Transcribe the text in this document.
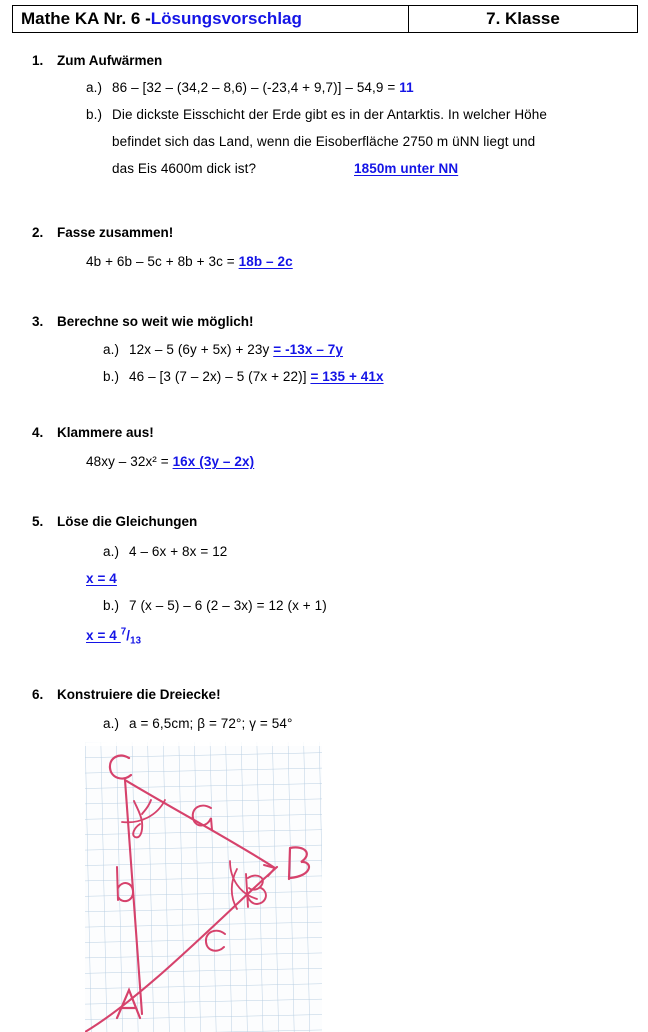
Mathe KA Nr. 6 - Lösungsvorschlag	7. Klasse
1. Zum Aufwärmen
a.) 86 – [32 – (34,2 – 8,6) – (-23,4 + 9,7)] – 54,9 = 11
b.) Die dickste Eisschicht der Erde gibt es in der Antarktis. In welcher Höhe
befindet sich das Land, wenn die Eisoberfläche 2750 m üNN liegt und
das Eis 4600m dick ist?	1850m unter NN
2. Fasse zusammen!
4b + 6b – 5c + 8b + 3c = 18b – 2c
3. Berechne so weit wie möglich!
a.) 12x – 5 (6y + 5x) + 23y = -13x – 7y
b.) 46 – [3 (7 – 2x) – 5 (7x + 22)] = 135 + 41x
4. Klammere aus!
48xy – 32x² = 16x (3y – 2x)
5. Löse die Gleichungen
a.) 4 – 6x + 8x = 12
x = 4
b.) 7 (x – 5) – 6 (2 – 3x) = 12 (x + 1)
x = 4 $^7/_{13}$
6. Konstruiere die Dreiecke!
a.) a = 6,5cm; β = 72°; γ = 54°
